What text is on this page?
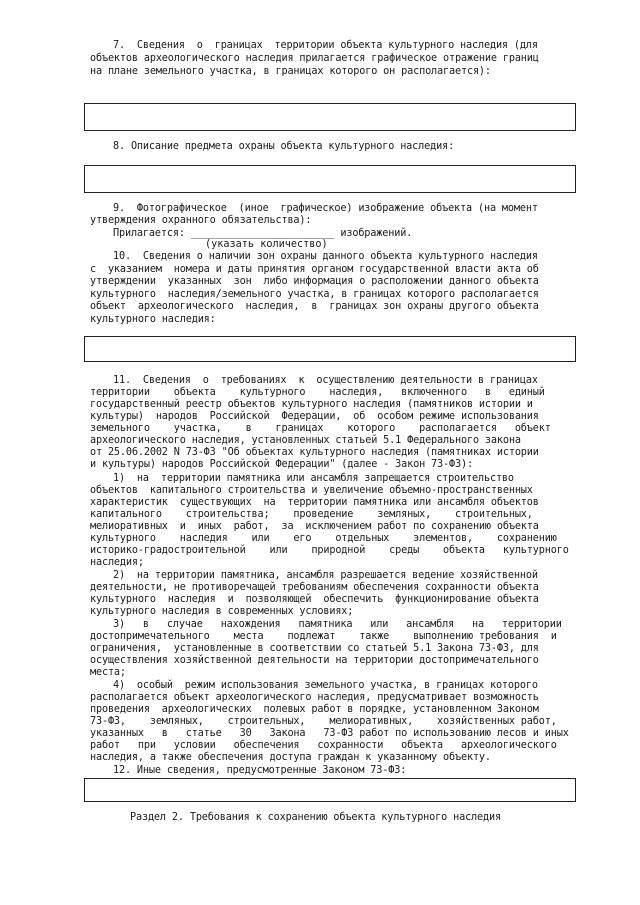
7.  Сведения  о  границах  территории объекта культурного наследия (для
объектов археологического наследия прилагается графическое отражение границ
на плане земельного участка, в границах которого он располагается):
8. Описание предмета охраны объекта культурного наследия:
9.  Фотографическое  (иное  графическое) изображение объекта (на момент
утверждения охранного обязательства):
Прилагается: ________________________ изображений.
(указать количество)
10.  Сведения о наличии зон охраны данного объекта культурного наследия
с  указанием  номера и даты принятия органом государственной власти акта об
утверждении  указанных  зон  либо информация о расположении данного объекта
культурного  наследия/земельного участка, в границах которого располагается
объект  археологического  наследия,  в  границах зон охраны другого объекта
культурного наследия:
11.  Сведения  о  требованиях  к  осуществлению деятельности в границах
территории    объекта    культурного    наследия,   включенного   в   единый
государственный реестр объектов культурного наследия (памятников истории и
культуры)  народов  Российской  Федерации,  об  особом режиме использования
земельного    участка,    в    границах    которого    располагается   объект
археологического наследия, установленных статьей 5.1 Федерального закона
от 25.06.2002 N 73-ФЗ "Об объектах культурного наследия (памятниках истории
и культуры) народов Российской Федерации" (далее - Закон 73-ФЗ):
1)  на  территории памятника или ансамбля запрещается строительство
объектов  капитального строительства и увеличение объемно-пространственных
характеристик  существующих  на  территории памятника или ансамбля объектов
капитального    строительства;    проведение    земляных,    строительных,
мелиоративных  и  иных  работ,  за  исключением работ по сохранению объекта
культурного    наследия    или    его    отдельных    элементов,    сохранению
историко-градостроительной    или    природной    среды    объекта   культурного
наследия;
2)  на территории памятника, ансамбля разрешается ведение хозяйственной
деятельности, не противоречащей требованиям обеспечения сохранности объекта
культурного  наследия  и  позволяющей  обеспечить  функционирование объекта
культурного наследия в современных условиях;
3)   в   случае   нахождения   памятника   или   ансамбля   на   территории
достопримечательного    места    подлежат    также    выполнению требования  и
ограничения,  установленные в соответствии со статьей 5.1 Закона 73-ФЗ, для
осуществления хозяйственной деятельности на территории достопримечательного
места;
4)  особый  режим использования земельного участка, в границах которого
располагается объект археологического наследия, предусматривает возможность
проведения  археологических  полевых работ в порядке, установленном Законом
73-ФЗ,    земляных,    строительных,    мелиоративных,    хозяйственных работ,
указанных   в   статье   30   Закона   73-ФЗ работ по использованию лесов и иных
работ   при   условии   обеспечения   сохранности   объекта   археологического
наследия, а также обеспечения доступа граждан к указанному объекту.
12. Иные сведения, предусмотренные Законом 73-ФЗ:
Раздел 2. Требования к сохранению объекта культурного наследия
